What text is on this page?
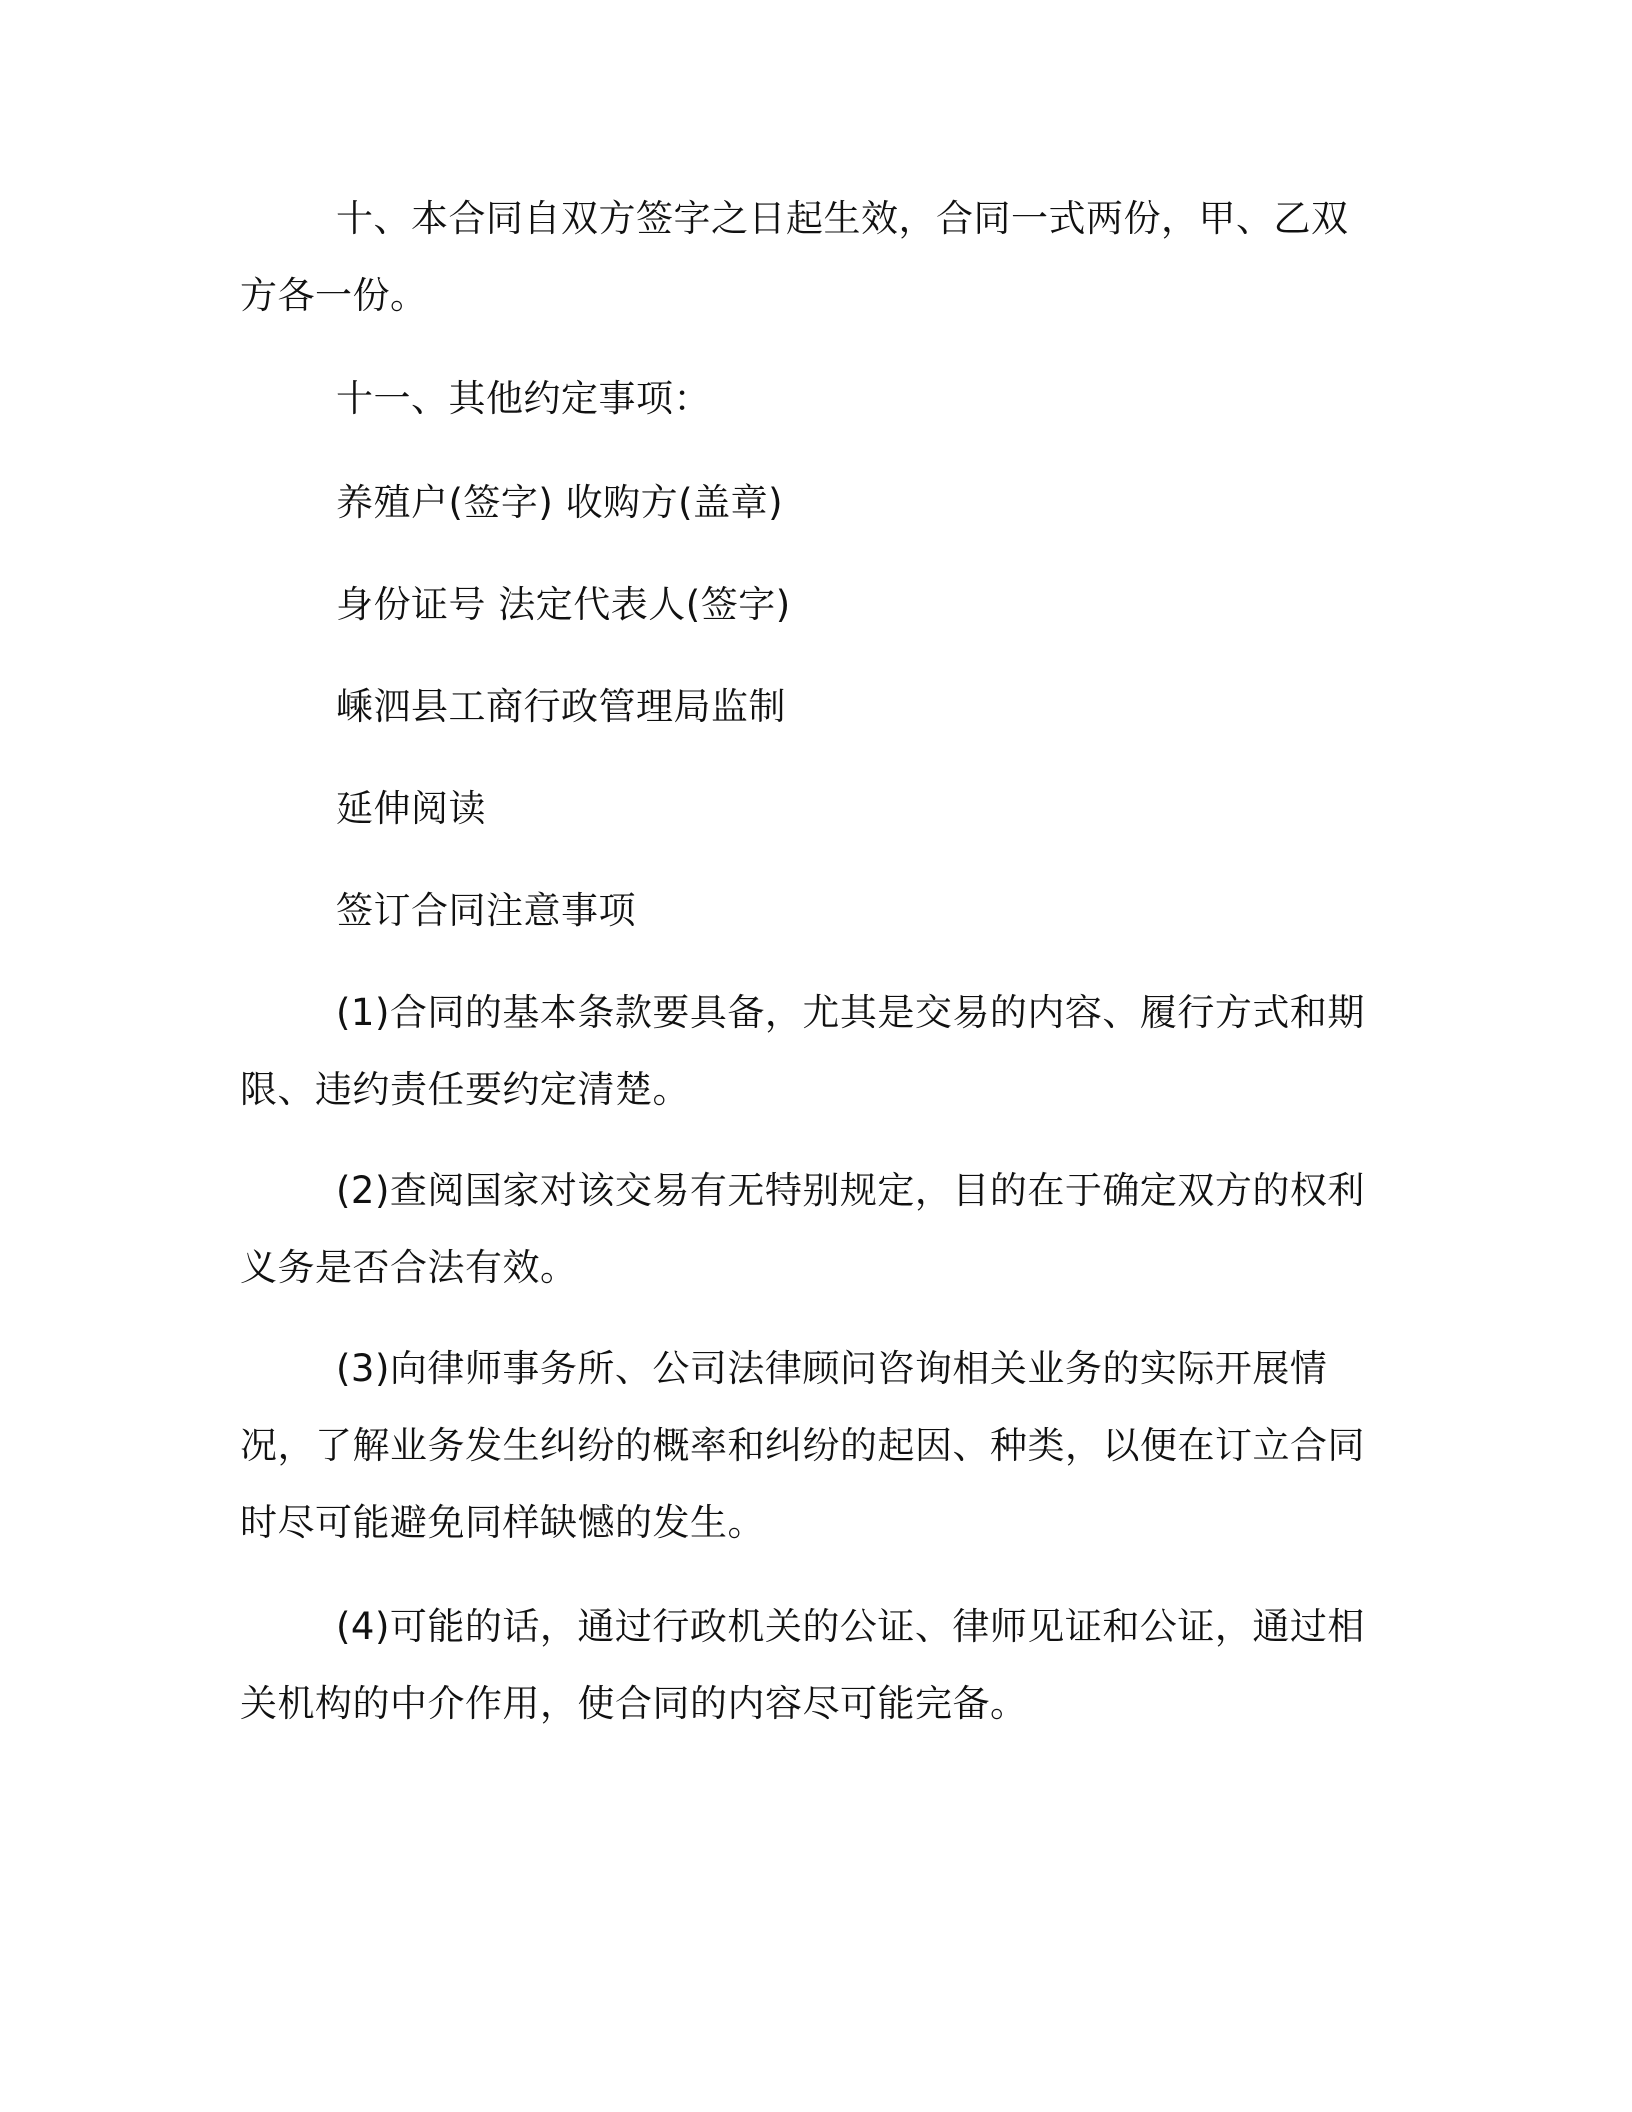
十、本合同自双方签字之日起生效，合同一式两份，甲、乙双方各一份。

十一、其他约定事项：

养殖户(签字) 收购方(盖章)

身份证号 法定代表人(签字)

嵊泗县工商行政管理局监制

延伸阅读

签订合同注意事项

(1)合同的基本条款要具备，尤其是交易的内容、履行方式和期限、违约责任要约定清楚。

(2)查阅国家对该交易有无特别规定，目的在于确定双方的权利义务是否合法有效。

(3)向律师事务所、公司法律顾问咨询相关业务的实际开展情况，了解业务发生纠纷的概率和纠纷的起因、种类，以便在订立合同时尽可能避免同样缺憾的发生。

(4)可能的话，通过行政机关的公证、律师见证和公证，通过相关机构的中介作用，使合同的内容尽可能完备。
